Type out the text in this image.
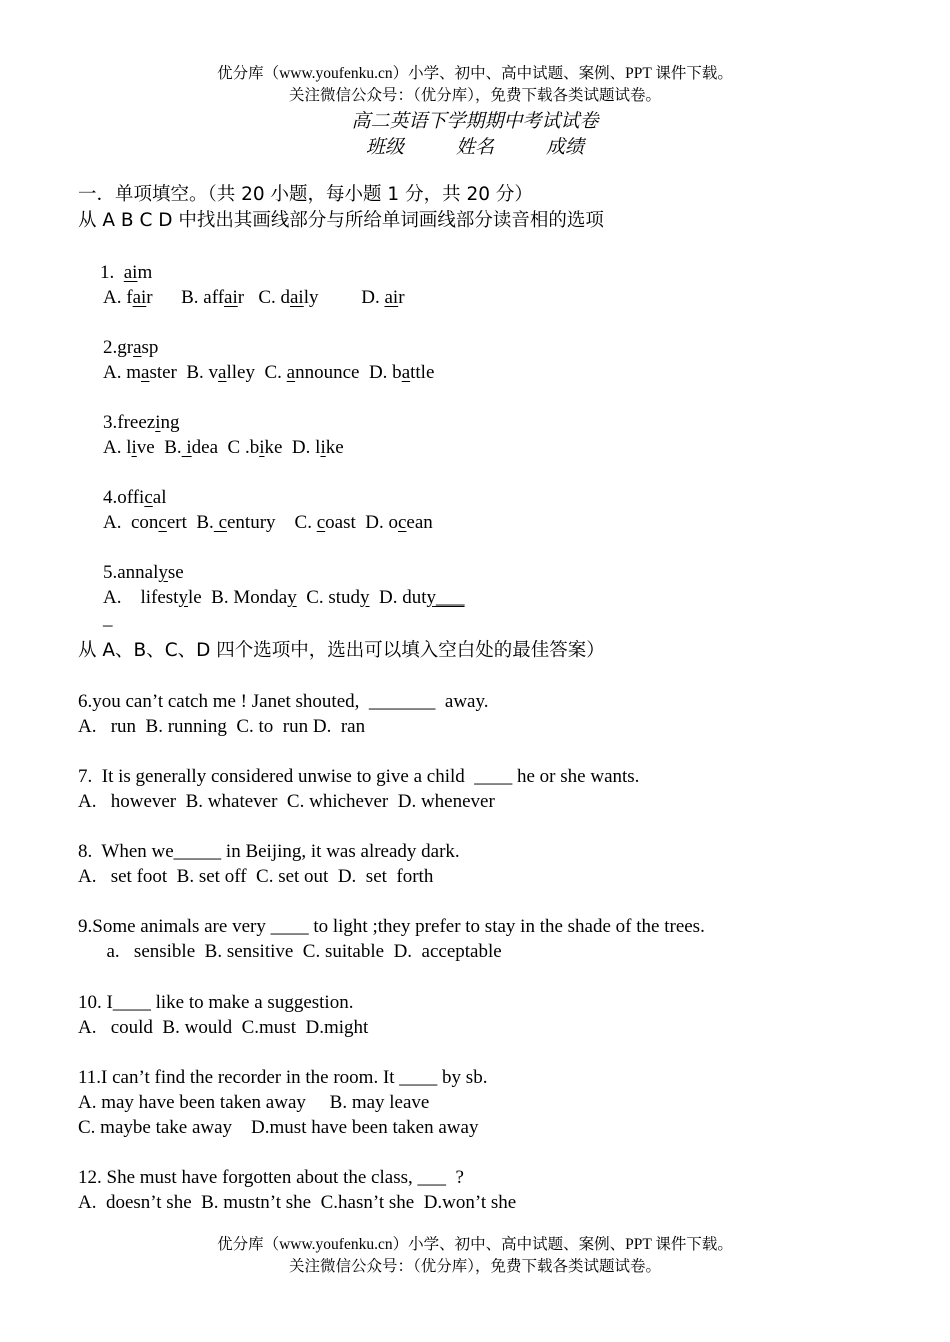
优分库（www.youfenku.cn）小学、初中、高中试题、案例、PPT 课件下载。
关注微信公众号：（优分库），免费下载各类试题试卷。
高二英语下学期期中考试试卷
班级	姓名	成绩
一．单项填空。（共 20 小题，每小题 1 分，共 20 分）
从 A B C D 中找出其画线部分与所给单词画线部分读音相的选项
1.  aim
A. fair      B. affair   C. daily         D. air
2.grasp
A. master  B. valley  C. announce  D. battle
3.freezing
A. live  B. idea  C .bike  D. like
4.offical
A.  concert  B. century    C. coast  D. ocean
5.annalyse
A.    lifestyle  B. Monday  C. study  D. duty___
_
从 A、B、C、D 四个选项中，选出可以填入空白处的最佳答案）
6.you can’t catch me ! Janet shouted,  _______  away.
A.   run  B. running  C. to  run D.  ran
7.  It is generally considered unwise to give a child  ____ he or she wants.
A.   however  B. whatever  C. whichever  D. whenever
8.  When we_____ in Beijing, it was already dark.
A.   set foot  B. set off  C. set out  D.  set  forth
9.Some animals are very ____ to light ;they prefer to stay in the shade of the trees.
a.   sensible  B. sensitive  C. suitable  D.  acceptable
10. I____ like to make a suggestion.
A.   could  B. would  C.must  D.might
11.I can’t find the recorder in the room. It ____ by sb.
A. may have been taken away     B. may leave
C. maybe take away    D.must have been taken away
12. She must have forgotten about the class, ___  ?
A.  doesn’t she  B. mustn’t she  C.hasn’t she  D.won’t she
优分库（www.youfenku.cn）小学、初中、高中试题、案例、PPT 课件下载。
关注微信公众号：（优分库），免费下载各类试题试卷。
